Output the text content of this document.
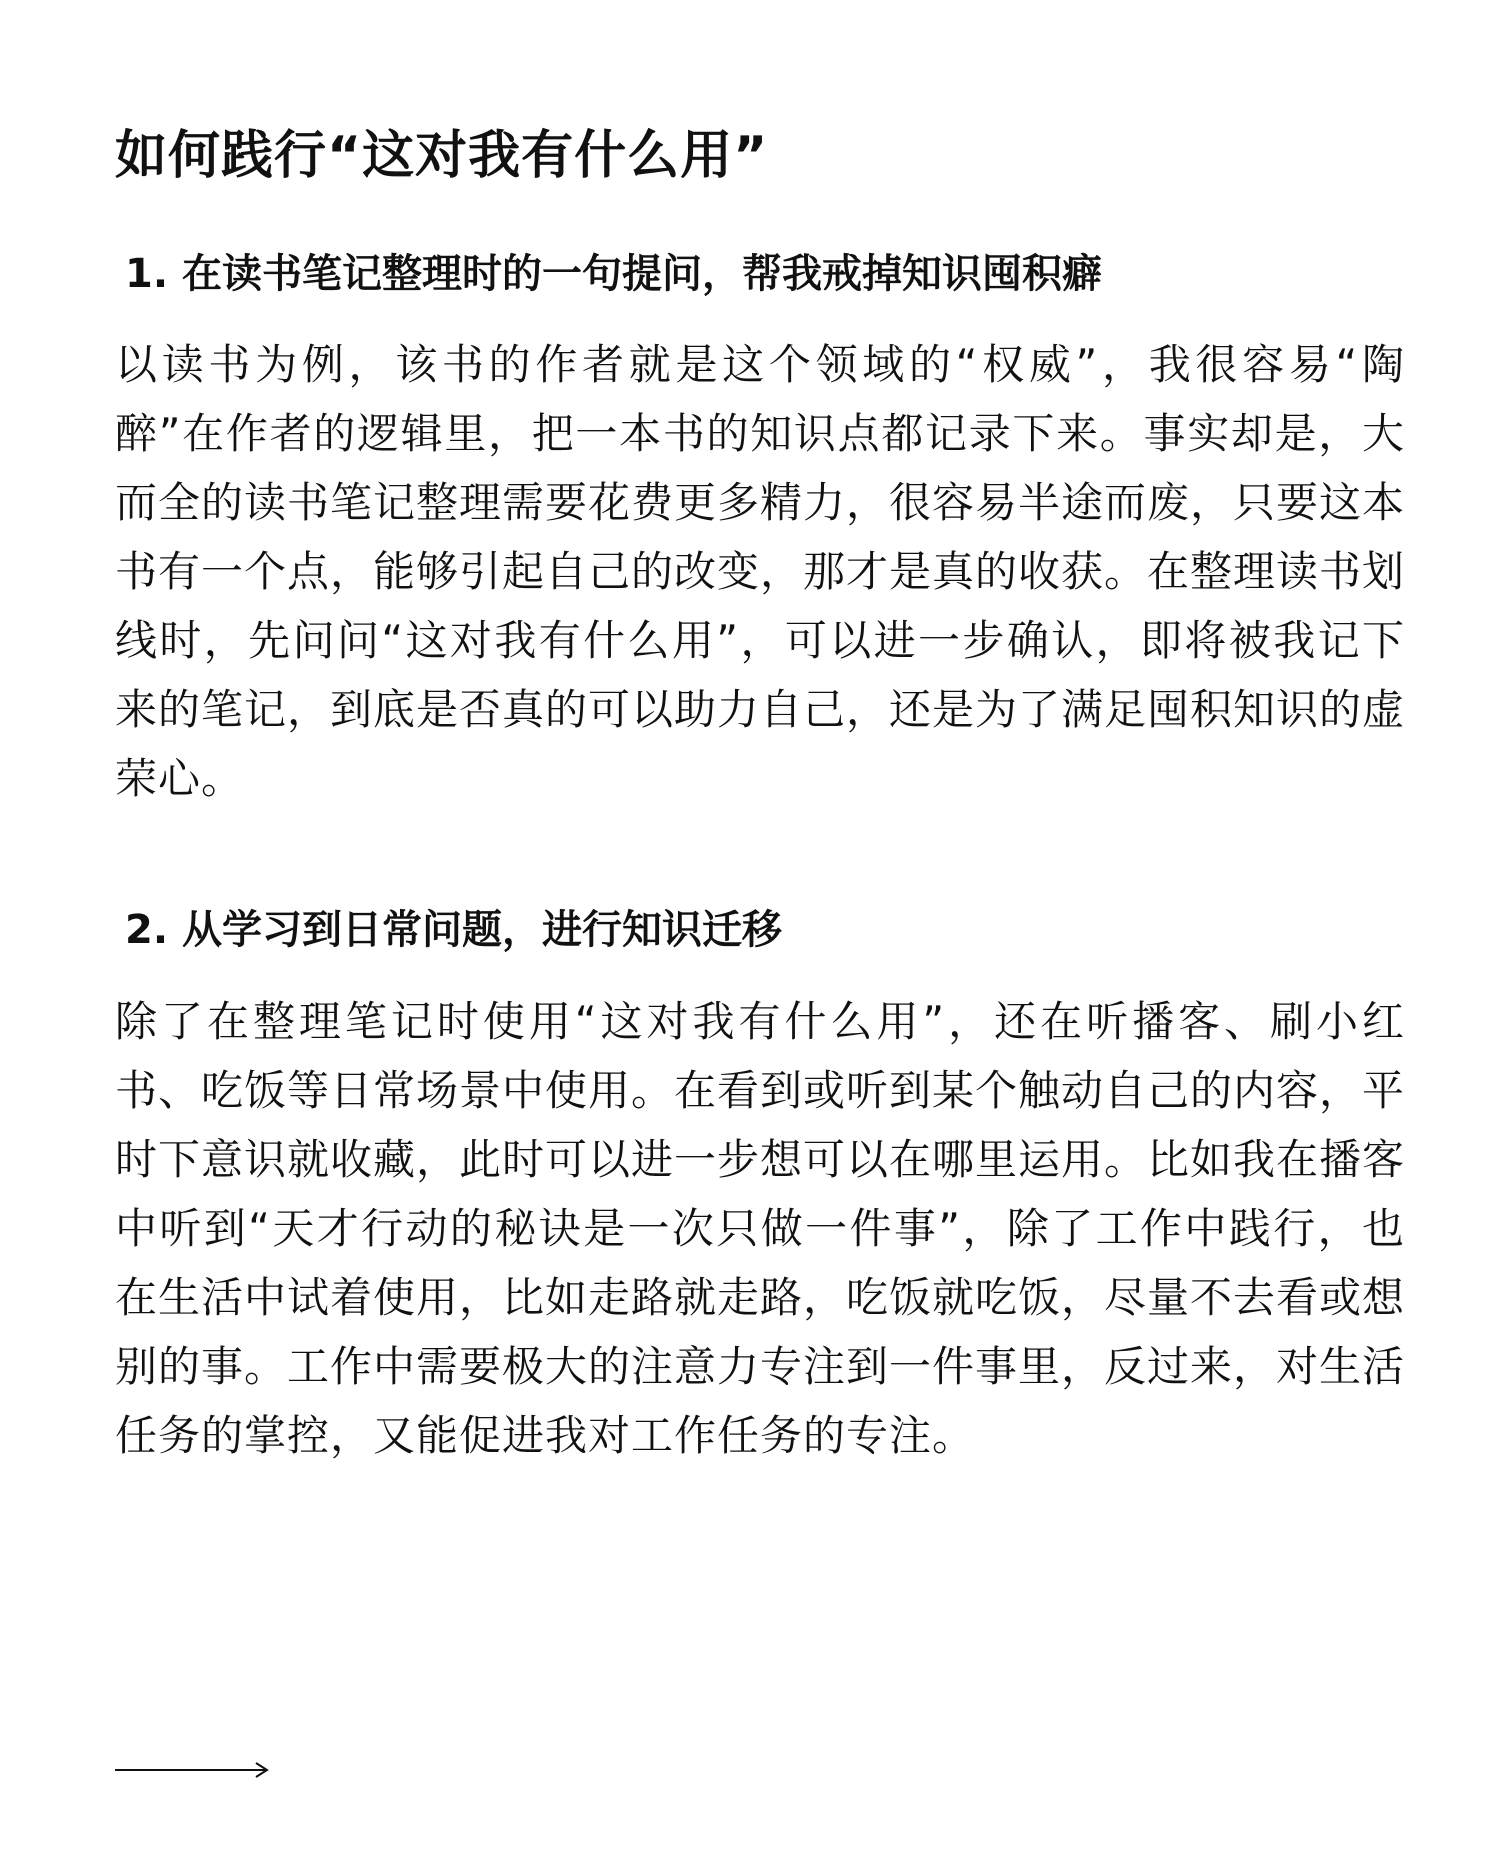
如何践行“这对我有什么用”
1. 在读书笔记整理时的一句提问，帮我戒掉知识囤积癖

以读书为例，该书的作者就是这个领域的“权威”，我很容易“陶醉”在作者的逻辑里，把一本书的知识点都记录下来。事实却是，大而全的读书笔记整理需要花费更多精力，很容易半途而废，只要这本书有一个点，能够引起自己的改变，那才是真的收获。在整理读书划线时，先问问“这对我有什么用”，可以进一步确认，即将被我记下来的笔记，到底是否真的可以助力自己，还是为了满足囤积知识的虚荣心。

2. 从学习到日常问题，进行知识迁移

除了在整理笔记时使用“这对我有什么用”，还在听播客、刷小红书、吃饭等日常场景中使用。在看到或听到某个触动自己的内容，平时下意识就收藏，此时可以进一步想可以在哪里运用。比如我在播客中听到“天才行动的秘诀是一次只做一件事”，除了工作中践行，也在生活中试着使用，比如走路就走路，吃饭就吃饭，尽量不去看或想别的事。工作中需要极大的注意力专注到一件事里，反过来，对生活任务的掌控，又能促进我对工作任务的专注。
